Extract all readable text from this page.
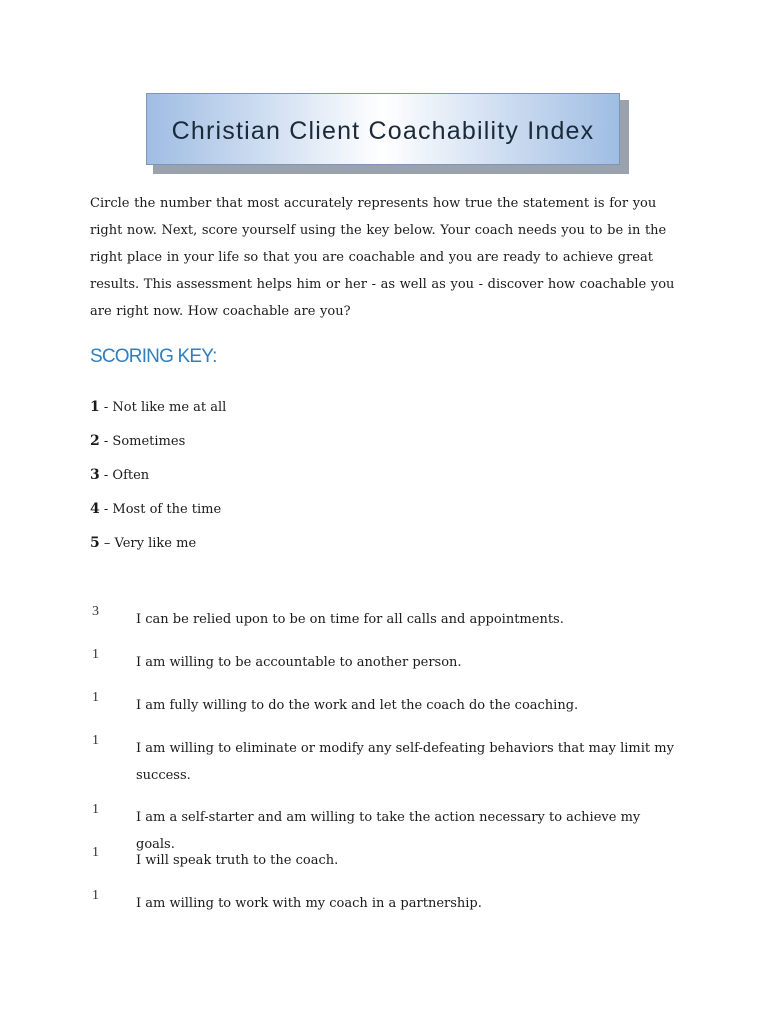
Christian Client Coachability Index

Circle the number that most accurately represents how true the statement is for you right now. Next, score yourself using the key below. Your coach needs you to be in the right place in your life so that you are coachable and you are ready to achieve great results. This assessment helps him or her - as well as you - discover how coachable you are right now. How coachable are you?

SCORING KEY:
1 - Not like me at all
2 - Sometimes
3 - Often
4 - Most of the time
5 – Very like me
3
I can be relied upon to be on time for all calls and appointments.
1
I am willing to be accountable to another person.
1
I am fully willing to do the work and let the coach do the coaching.
1
I am willing to eliminate or modify any self-defeating behaviors that may limit my success.
1
I am a self-starter and am willing to take the action necessary to achieve my goals.
1
I will speak truth to the coach.
1
I am willing to work with my coach in a partnership.
